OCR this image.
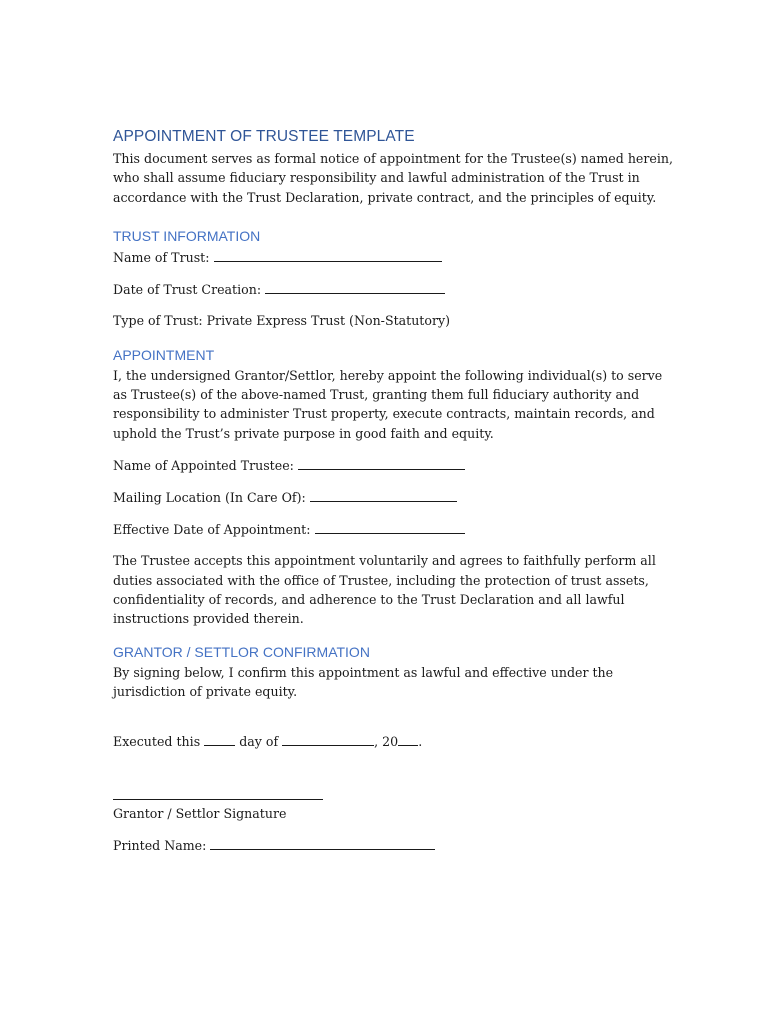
APPOINTMENT OF TRUSTEE TEMPLATE

This document serves as formal notice of appointment for the Trustee(s) named herein, who shall assume fiduciary responsibility and lawful administration of the Trust in accordance with the Trust Declaration, private contract, and the principles of equity.

TRUST INFORMATION

Name of Trust:

Date of Trust Creation:

Type of Trust: Private Express Trust (Non-Statutory)

APPOINTMENT

I, the undersigned Grantor/Settlor, hereby appoint the following individual(s) to serve as Trustee(s) of the above-named Trust, granting them full fiduciary authority and responsibility to administer Trust property, execute contracts, maintain records, and uphold the Trust’s private purpose in good faith and equity.

Name of Appointed Trustee:

Mailing Location (In Care Of):

Effective Date of Appointment:

The Trustee accepts this appointment voluntarily and agrees to faithfully perform all duties associated with the office of Trustee, including the protection of trust assets, confidentiality of records, and adherence to the Trust Declaration and all lawful instructions provided therein.

GRANTOR / SETTLOR CONFIRMATION

By signing below, I confirm this appointment as lawful and effective under the jurisdiction of private equity.

Executed this	day of	, 20 .

Grantor / Settlor Signature

Printed Name:
